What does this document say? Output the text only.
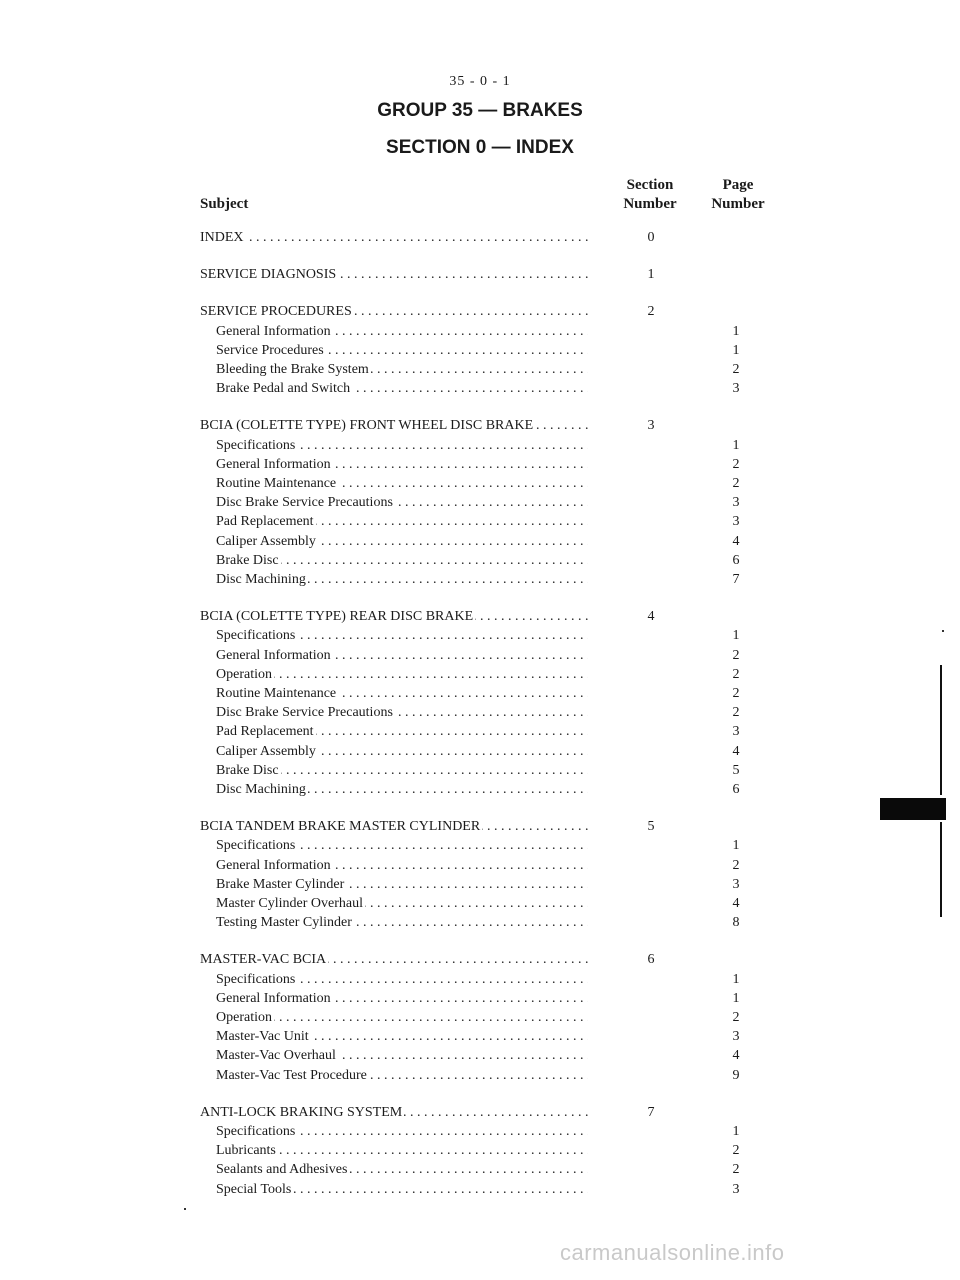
35 - 0 - 1
GROUP 35 — BRAKES
SECTION 0 — INDEX
Subject
Section
Number
Page
Number
INDEX . . .	0
SERVICE DIAGNOSIS . . .	1
SERVICE PROCEDURES . . .	2
General Information . . .	1
Service Procedures . . .	1
Bleeding the Brake System . . .	2
Brake Pedal and Switch . . .	3
BCIA (COLETTE TYPE) FRONT WHEEL DISC BRAKE . . .	3
Specifications . . .	1
General Information . . .	2
Routine Maintenance . . .	2
Disc Brake Service Precautions . . .	3
Pad Replacement . . .	3
Caliper Assembly . . .	4
Brake Disc . . .	6
Disc Machining . . .	7
BCIA (COLETTE TYPE) REAR DISC BRAKE . . .	4
Specifications . . .	1
General Information . . .	2
Operation . . .	2
Routine Maintenance . . .	2
Disc Brake Service Precautions . . .	2
Pad Replacement . . .	3
Caliper Assembly . . .	4
Brake Disc . . .	5
Disc Machining . . .	6
BCIA TANDEM BRAKE MASTER CYLINDER . . .	5
Specifications . . .	1
General Information . . .	2
Brake Master Cylinder . . .	3
Master Cylinder Overhaul . . .	4
Testing Master Cylinder . . .	8
MASTER-VAC BCIA . . .	6
Specifications . . .	1
General Information . . .	1
Operation . . .	2
Master-Vac Unit . . .	3
Master-Vac Overhaul . . .	4
Master-Vac Test Procedure . . .	9
ANTI-LOCK BRAKING SYSTEM . . .	7
Specifications . . .	1
Lubricants . . .	2
Sealants and Adhesives . . .	2
Special Tools . . .	3
carmanualsonline.info
